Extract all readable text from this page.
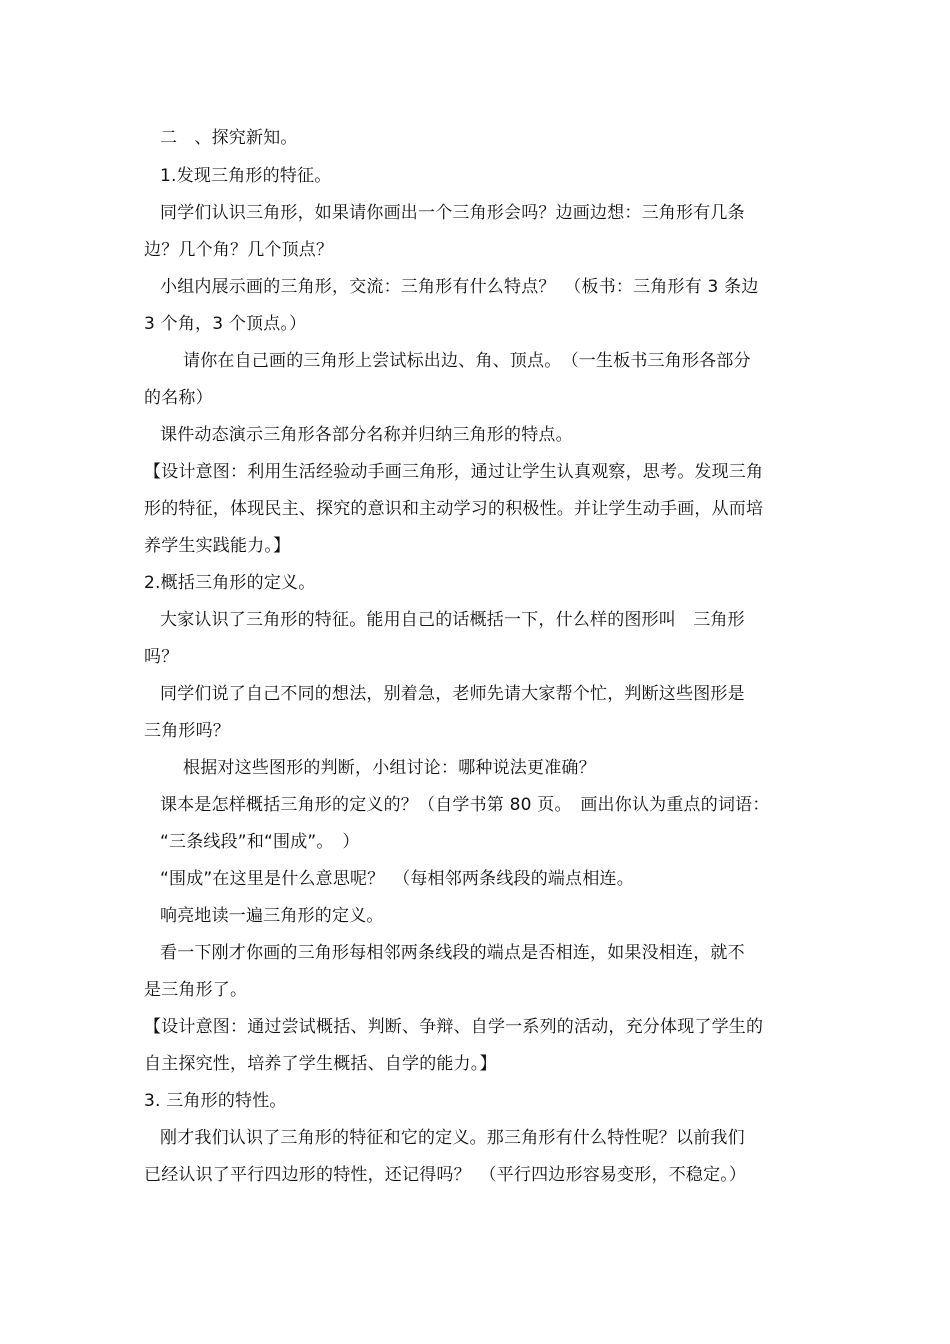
二　、探究新知。
1.发现三角形的特征。
同学们认识三角形，如果请你画出一个三角形会吗？边画边想：三角形有几条
边？几个角？几个顶点？
小组内展示画的三角形，交流：三角形有什么特点？　（板书：三角形有 3 条边
3 个角，3 个顶点。）
请你在自己画的三角形上尝试标出边、角、顶点。　（一生板书三角形各部分
的名称）
课件动态演示三角形各部分名称并归纳三角形的特点。
【设计意图：利用生活经验动手画三角形，通过让学生认真观察，思考。发现三角
形的特征，体现民主、探究的意识和主动学习的积极性。并让学生动手画，从而培
养学生实践能力。】
2.概括三角形的定义。
大家认识了三角形的特征。能用自己的话概括一下，什么样的图形叫　三角形
吗？
同学们说了自己不同的想法，别着急，老师先请大家帮个忙，判断这些图形是
三角形吗？
根据对这些图形的判断，小组讨论：哪种说法更准确？
课本是怎样概括三角形的定义的？（自学书第 80 页。　画出你认为重点的词语：
“三条线段”和“围成”。　）
“围成”在这里是什么意思呢？　（每相邻两条线段的端点相连。
响亮地读一遍三角形的定义。
看一下刚才你画的三角形每相邻两条线段的端点是否相连，如果没相连，就不
是三角形了。
【设计意图：通过尝试概括、判断、争辩、自学一系列的活动，充分体现了学生的
自主探究性，培养了学生概括、自学的能力。】
3. 三角形的特性。
刚才我们认识了三角形的特征和它的定义。那三角形有什么特性呢？以前我们
已经认识了平行四边形的特性，还记得吗？　（平行四边形容易变形，不稳定。）
